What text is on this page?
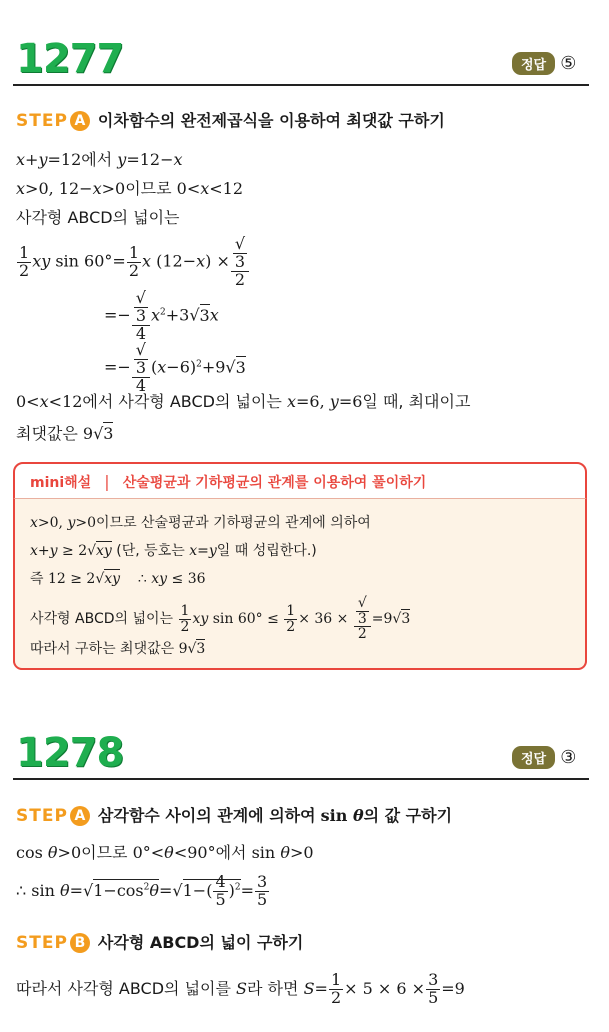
1277	정답 ⑤
STEP A 이차함수의 완전제곱식을 이용하여 최댓값 구하기
x+y=12에서 y=12−x
x>0, 12−x>0이므로 0<x<12
사각형 ABCD의 넓이는
$\frac{1}{2}$ xy $\sin 60^\circ= \frac{1}{2}$ x (12−x) × √
3
2
=− √
3
4 $x^2+3√3x$
=− √
3
4 $(x-6)^2+9√3$
0<x<12에서 사각형 ABCD의 넓이는 x=6, y=6일 때, 최대이고
최댓값은 9√3
mini해설 | 산술평균과 기하평균의 관계를 이용하여 풀이하기
x>0, y>0이므로 산술평균과 기하평균의 관계에 의하여
x+y ≥ 2√xy (단, 등호는 x=y일 때 성립한다.)
즉 12 ≥ 2√xy    ∴ xy ≤ 36
사각형 ABCD의 넓이는 $\frac{1}{2}$ xy $\sin 60^\circ \le \frac{1}{2} \times 36$ × √
3
2 =9√3
따라서 구하는 최댓값은 9√3
1278	정답 ③
STEP A 삼각함수 사이의 관계에 의하여 sin θ의 값 구하기
cos θ>0이므로 0°<θ<90°에서 sin θ>0
∴ $\sin \theta=√1-\cos^2\theta=√1-( \frac{4}{5} )^2= \frac{3}{5}$
STEP B 사각형 ABCD의 넓이 구하기
따라서 사각형 ABCD의 넓이를 S라 하면 $S= \frac{1}{2} \times 5 \times 6 \times \frac{3}{5} =9$
